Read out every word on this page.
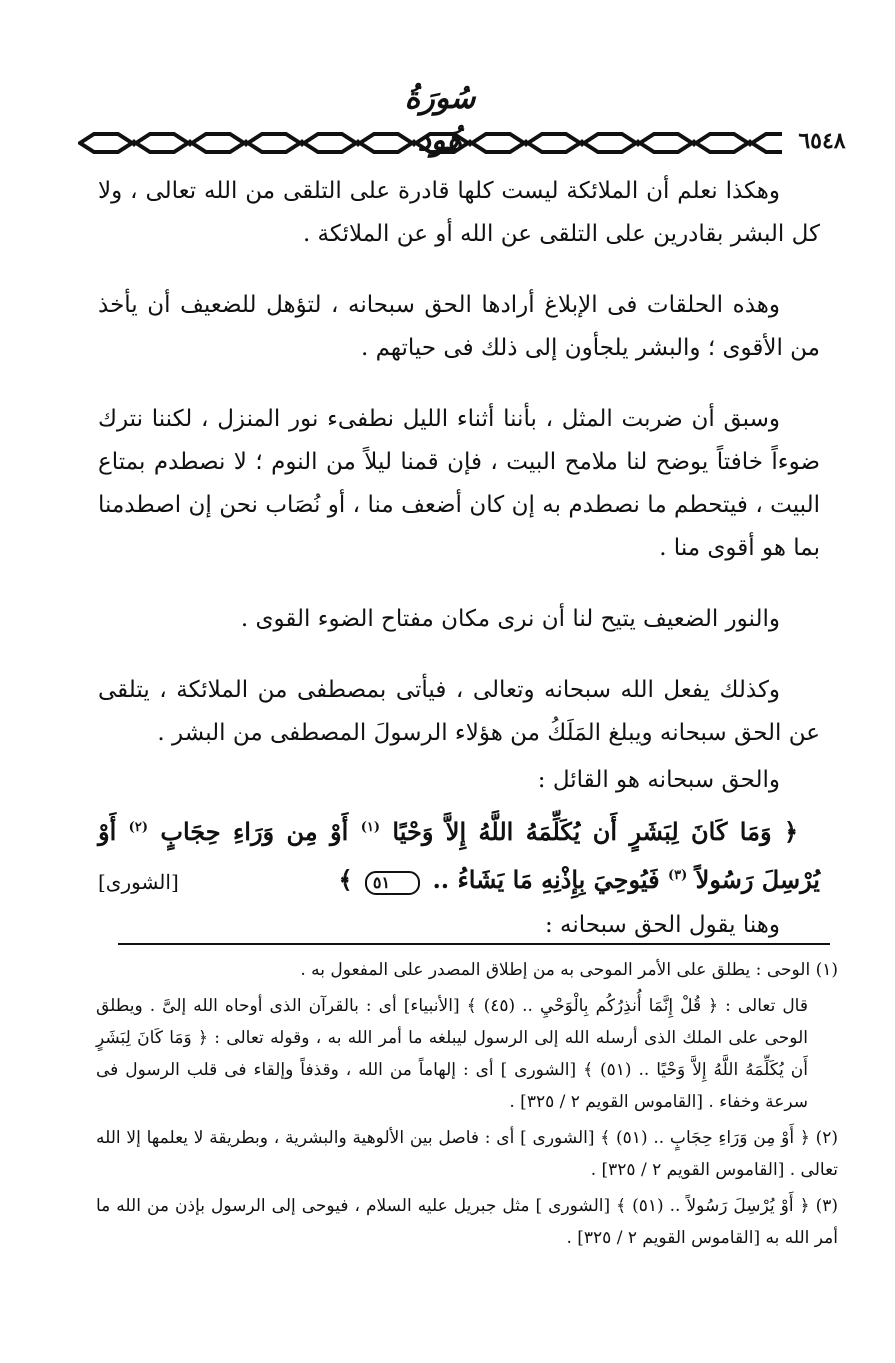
سُورَةُ هُود	٦٥٤٨

وهكذا نعلم أن الملائكة ليست كلها قادرة على التلقى من الله تعالى ، ولا كل البشر بقادرين على التلقى عن الله أو عن الملائكة .

وهذه الحلقات فى الإبلاغ أرادها الحق سبحانه ، لتؤهل للضعيف أن يأخذ من الأقوى ؛ والبشر يلجأون إلى ذلك فى حياتهم .

وسبق أن ضربت المثل ، بأننا أثناء الليل نطفىء نور المنزل ، لكننا نترك ضوءاً خافتاً يوضح لنا ملامح البيت ، فإن قمنا ليلاً من النوم ؛ لا نصطدم بمتاع البيت ، فيتحطم ما نصطدم به إن كان أضعف منا ، أو نُصَاب نحن إن اصطدمنا بما هو أقوى منا .

والنور الضعيف يتيح لنا أن نرى مكان مفتاح الضوء القوى .

وكذلك يفعل الله سبحانه وتعالى ، فيأتى بمصطفى من الملائكة ، يتلقى عن الحق سبحانه ويبلغ المَلَكُ من هؤلاء الرسولَ المصطفى من البشر .

والحق سبحانه هو القائل :

﴿ وَمَا كَانَ لِبَشَرٍ أَن يُكَلِّمَهُ اللَّهُ إِلاَّ وَحْيًا $^{(١)}$ أَوْ مِن وَرَاءِ حِجَابٍ $^{(٢)}$ أَوْ يُرْسِلَ رَسُولاً $^{(٣)}$ فَيُوحِيَ بِإِذْنِهِ مَا يَشَاءُ .. ٥١ ﴾
[الشورى]

وهنا يقول الحق سبحانه :

(١) الوحى : يطلق على الأمر الموحى به من إطلاق المصدر على المفعول به .

قال تعالى : ﴿ قُلْ إِنَّمَا أُنذِرُكُم بِالْوَحْيِ .. (٤٥) ﴾ [الأنبياء] أى : بالقرآن الذى أوحاه الله إلىَّ . ويطلق الوحى على الملك الذى أرسله الله إلى الرسول ليبلغه ما أمر الله به ، وقوله تعالى : ﴿ وَمَا كَانَ لِبَشَرٍ أَن يُكَلِّمَهُ اللَّهُ إِلاَّ وَحْيًا .. (٥١) ﴾ [الشورى ] أى : إلهاماً من الله ، وقذفاً وإلقاء فى قلب الرسول فى سرعة وخفاء . [القاموس القويم ٢ / ٣٢٥] .

(٢) ﴿ أَوْ مِن وَرَاءِ حِجَابٍ .. (٥١) ﴾ [الشورى ] أى : فاصل بين الألوهية والبشرية ، وبطريقة لا يعلمها إلا الله تعالى . [القاموس القويم ٢ / ٣٢٥] .

(٣) ﴿ أَوْ يُرْسِلَ رَسُولاً .. (٥١) ﴾ [الشورى ] مثل جبريل عليه السلام ، فيوحى إلى الرسول بإذن من الله ما أمر الله به [القاموس القويم ٢ / ٣٢٥] .
